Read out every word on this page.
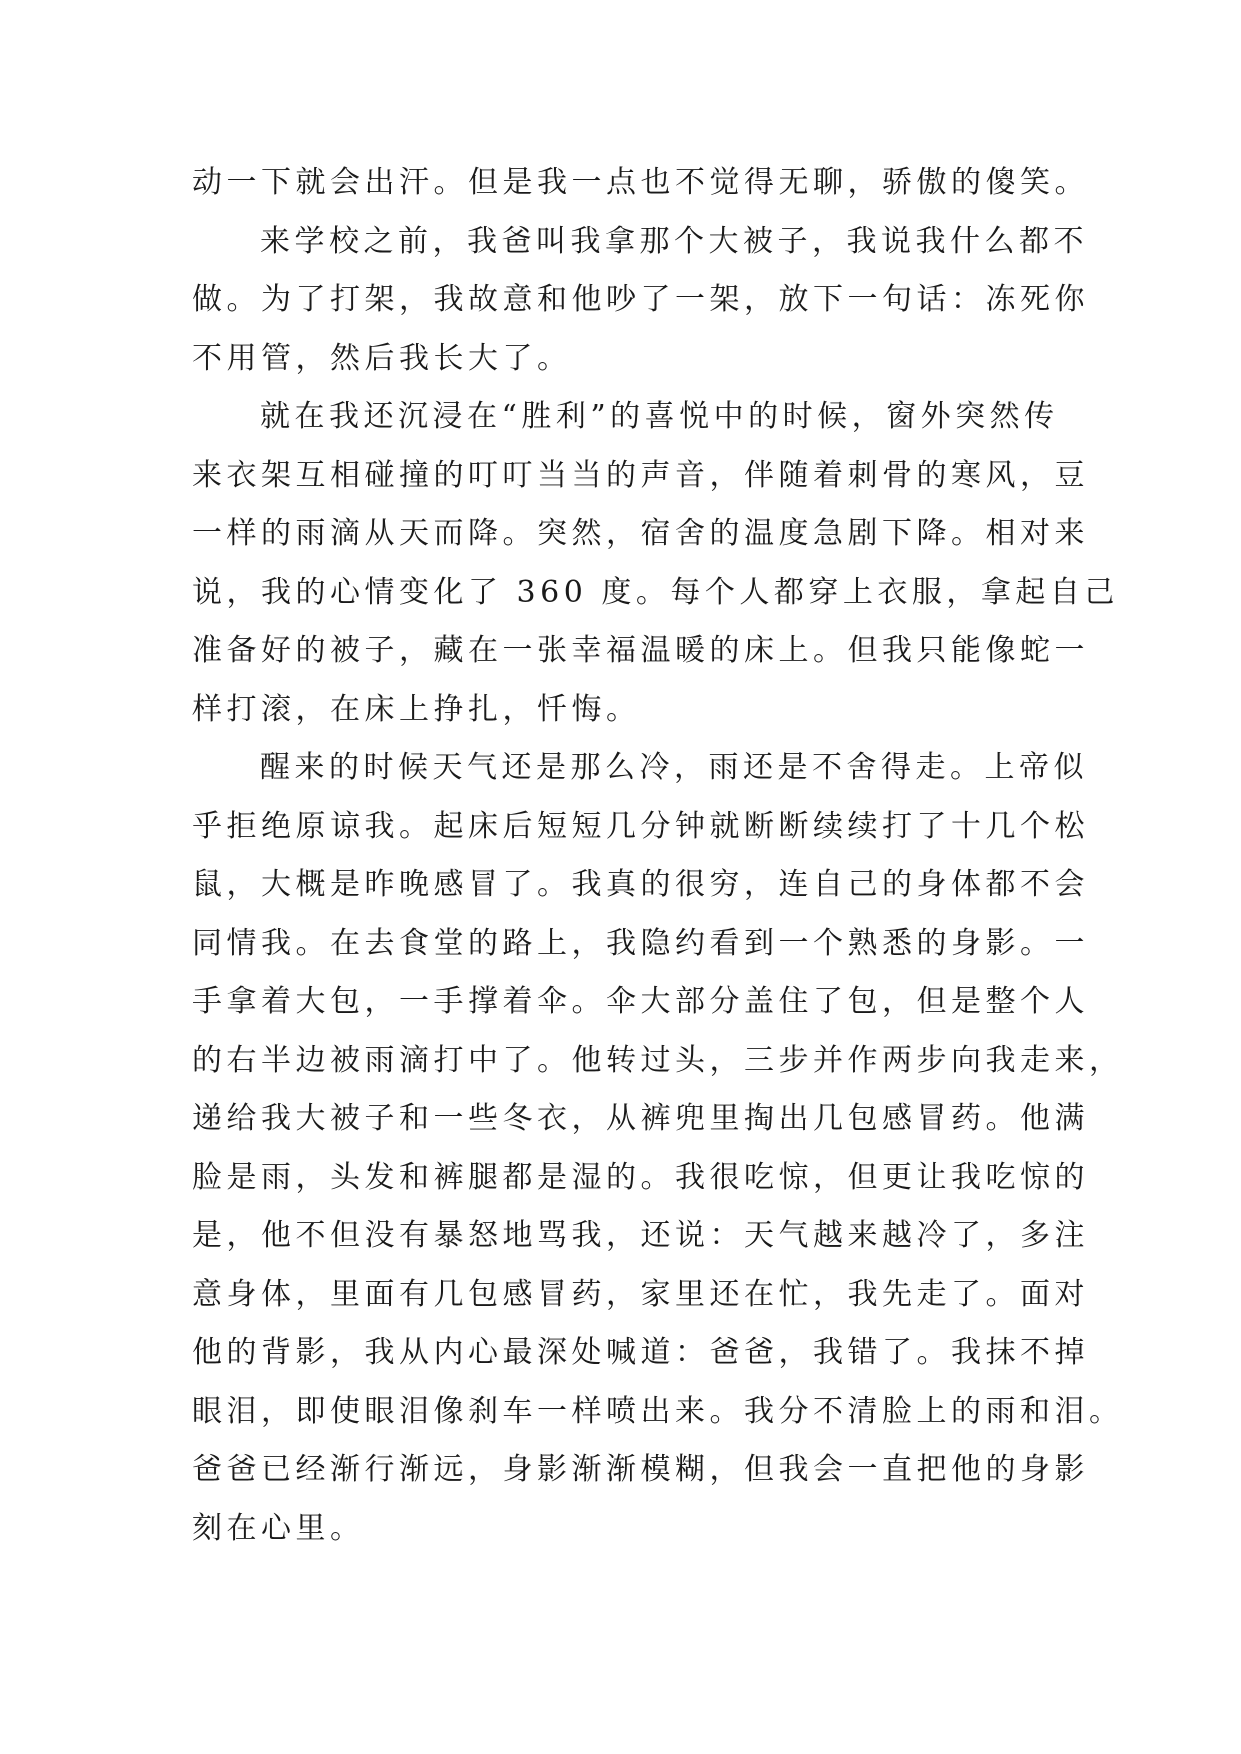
动一下就会出汗。但是我一点也不觉得无聊，骄傲的傻笑。
来学校之前，我爸叫我拿那个大被子，我说我什么都不
做。为了打架，我故意和他吵了一架，放下一句话：冻死你
不用管，然后我长大了。
就在我还沉浸在“胜利”的喜悦中的时候，窗外突然传
来衣架互相碰撞的叮叮当当的声音，伴随着刺骨的寒风，豆
一样的雨滴从天而降。突然，宿舍的温度急剧下降。相对来
说，我的心情变化了 360 度。每个人都穿上衣服，拿起自己
准备好的被子，藏在一张幸福温暖的床上。但我只能像蛇一
样打滚，在床上挣扎，忏悔。
醒来的时候天气还是那么冷，雨还是不舍得走。上帝似
乎拒绝原谅我。起床后短短几分钟就断断续续打了十几个松
鼠，大概是昨晚感冒了。我真的很穷，连自己的身体都不会
同情我。在去食堂的路上，我隐约看到一个熟悉的身影。一
手拿着大包，一手撑着伞。伞大部分盖住了包，但是整个人
的右半边被雨滴打中了。他转过头，三步并作两步向我走来，
递给我大被子和一些冬衣，从裤兜里掏出几包感冒药。他满
脸是雨，头发和裤腿都是湿的。我很吃惊，但更让我吃惊的
是，他不但没有暴怒地骂我，还说：天气越来越冷了，多注
意身体，里面有几包感冒药，家里还在忙，我先走了。面对
他的背影，我从内心最深处喊道：爸爸，我错了。我抹不掉
眼泪，即使眼泪像刹车一样喷出来。我分不清脸上的雨和泪。
爸爸已经渐行渐远，身影渐渐模糊，但我会一直把他的身影
刻在心里。
